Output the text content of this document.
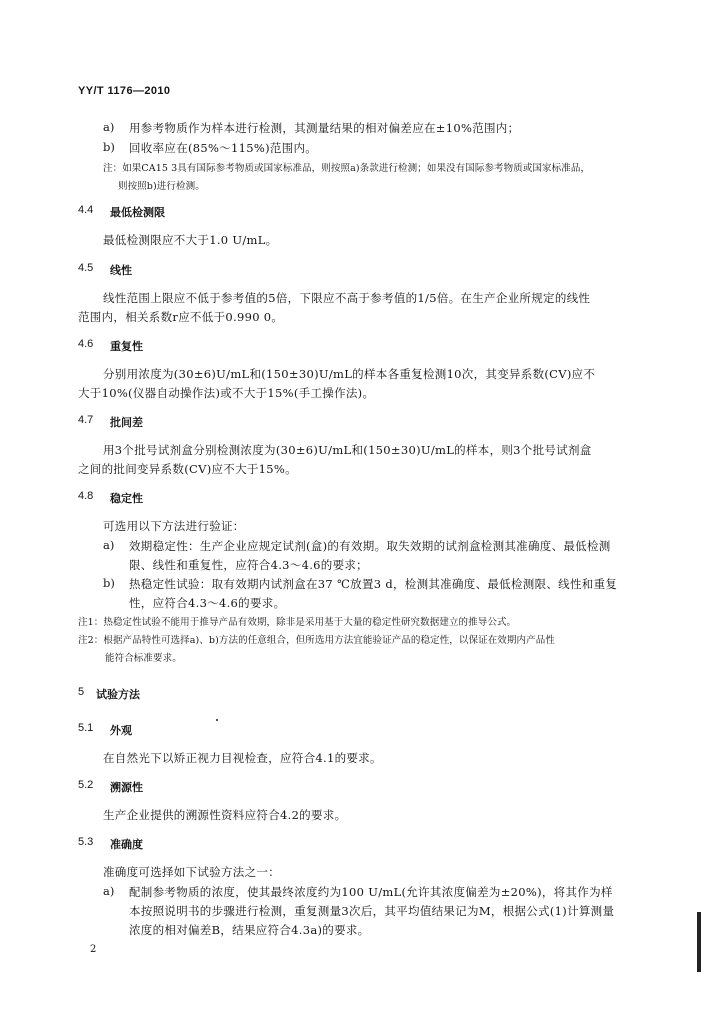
YY/T 1176—2010
a) 用参考物质作为样本进行检测，其测量结果的相对偏差应在±10%范围内；
b) 回收率应在(85%～115%)范围内。
注：如果CA15 3具有国际参考物质或国家标准品，则按照a)条款进行检测；如果没有国际参考物质或国家标准品，
则按照b)进行检测。
4.4 最低检测限
最低检测限应不大于1.0 U/mL。
4.5 线性
线性范围上限应不低于参考值的5倍，下限应不高于参考值的1/5倍。在生产企业所规定的线性
范围内，相关系数r应不低于0.990 0。
4.6 重复性
分别用浓度为(30±6)U/mL和(150±30)U/mL的样本各重复检测10次，其变异系数(CV)应不
大于10%(仪器自动操作法)或不大于15%(手工操作法)。
4.7 批间差
用3个批号试剂盒分别检测浓度为(30±6)U/mL和(150±30)U/mL的样本，则3个批号试剂盒
之间的批间变异系数(CV)应不大于15%。
4.8 稳定性
可选用以下方法进行验证：
a) 效期稳定性：生产企业应规定试剂(盒)的有效期。取失效期的试剂盒检测其准确度、最低检测
限、线性和重复性，应符合4.3～4.6的要求；
b) 热稳定性试验：取有效期内试剂盒在37 ℃放置3 d，检测其准确度、最低检测限、线性和重复
性，应符合4.3～4.6的要求。
注1：热稳定性试验不能用于推导产品有效期，除非是采用基于大量的稳定性研究数据建立的推导公式。
注2：根据产品特性可选择a)、b)方法的任意组合，但所选用方法宜能验证产品的稳定性，以保证在效期内产品性
能符合标准要求。
5 试验方法
5.1 外观
在自然光下以矫正视力目视检查，应符合4.1的要求。
5.2 溯源性
生产企业提供的溯源性资料应符合4.2的要求。
5.3 准确度
准确度可选择如下试验方法之一：
a) 配制参考物质的浓度，使其最终浓度约为100 U/mL(允许其浓度偏差为±20%)，将其作为样
本按照说明书的步骤进行检测，重复测量3次后，其平均值结果记为M，根据公式(1)计算测量
浓度的相对偏差B，结果应符合4.3a)的要求。
2
